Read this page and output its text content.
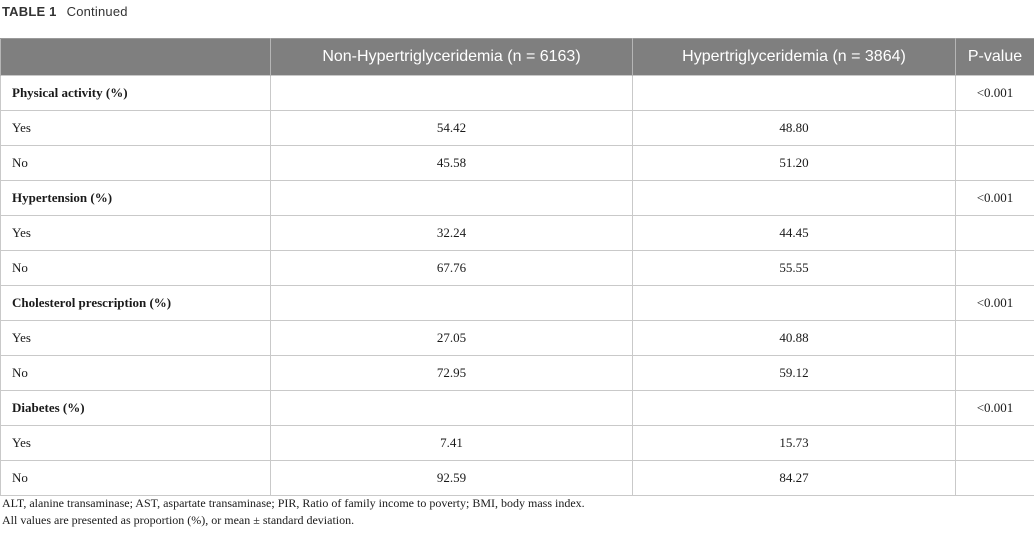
TABLE 1 Continued
	Non-Hypertriglyceridemia (n = 6163)	Hypertriglyceridemia (n = 3864)	P-value
Physical activity (%)			<0.001
Yes	54.42	48.80	
No	45.58	51.20	
Hypertension (%)			<0.001
Yes	32.24	44.45	
No	67.76	55.55	
Cholesterol prescription (%)			<0.001
Yes	27.05	40.88	
No	72.95	59.12	
Diabetes (%)			<0.001
Yes	7.41	15.73	
No	92.59	84.27	
ALT, alanine transaminase; AST, aspartate transaminase; PIR, Ratio of family income to poverty; BMI, body mass index.
All values are presented as proportion (%), or mean ± standard deviation.
